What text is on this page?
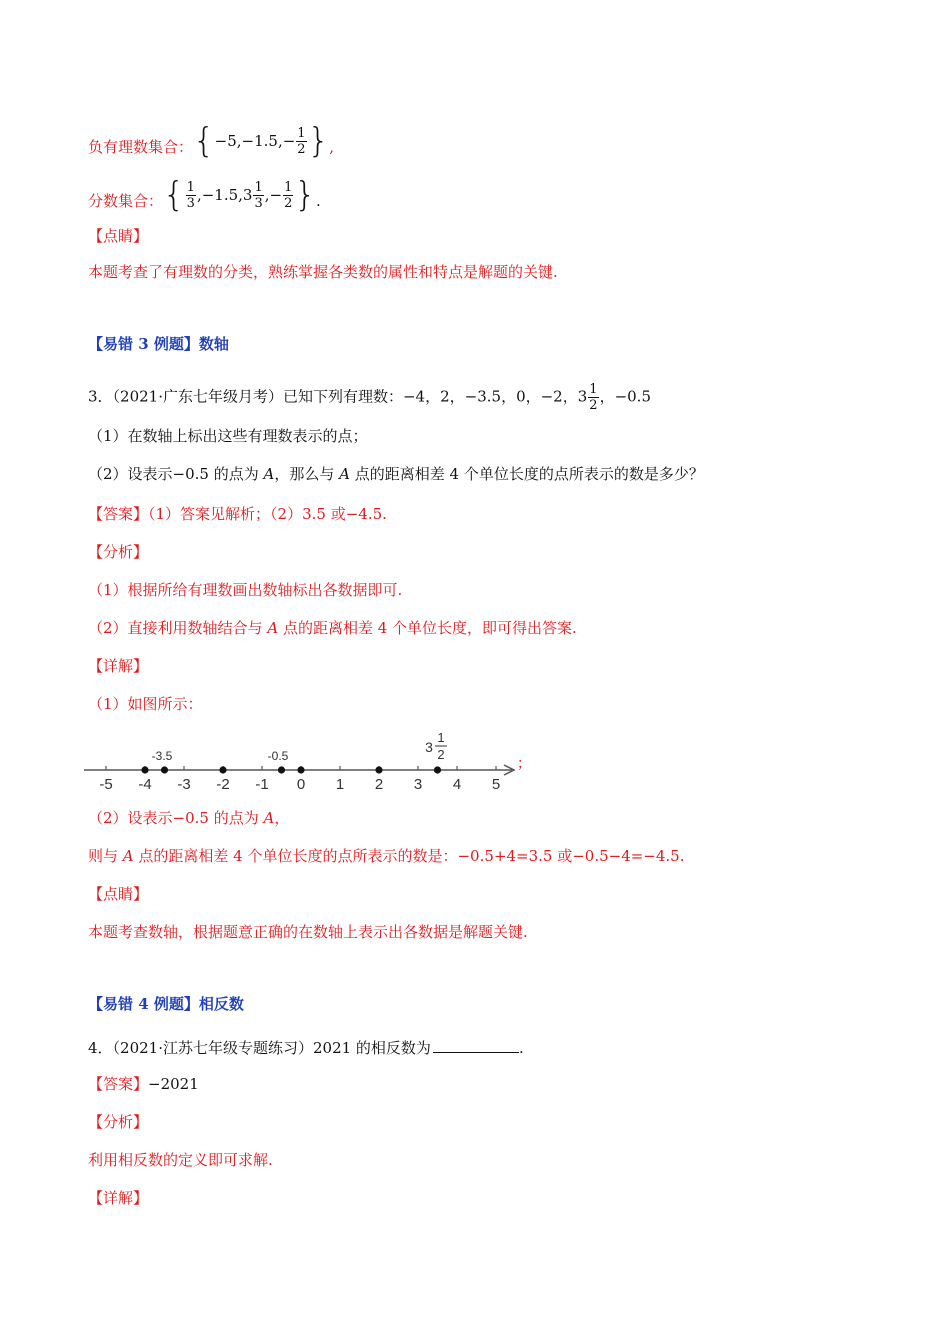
负有理数集合： { $-5,-1.5,- \frac{1}{2}$ } ,
分数集合： { $\frac{1}{3} ,-1.5,3 \frac{1}{3}$ ,− $\frac{1}{2}$ } .
【点睛】
本题考查了有理数的分类，熟练掌握各类数的属性和特点是解题的关键.
【易错 3 例题】数轴
3．（2021·广东七年级月考）已知下列有理数：−4，2，−3.5，0，−2，$3 \frac{1}{2}$ ，−0.5
（1）在数轴上标出这些有理数表示的点；
（2）设表示−0.5 的点为 A，那么与 A 点的距离相差 4 个单位长度的点所表示的数是多少？
【答案】（1）答案见解析；（2）3.5 或−4.5.
【分析】
（1）根据所给有理数画出数轴标出各数据即可.
（2）直接利用数轴结合与 A 点的距离相差 4 个单位长度，即可得出答案.
【详解】
（1）如图所示：
-5 -4 -3 -2 -1 0 1 2 3 4 5
-3.5	-0.5
3
1
2
；
（2）设表示−0.5 的点为 A，
则与 A 点的距离相差 4 个单位长度的点所表示的数是：−0.5+4=3.5 或−0.5−4=−4.5.
【点睛】
本题考查数轴，根据题意正确的在数轴上表示出各数据是解题关键.
【易错 4 例题】相反数
4．（2021·江苏七年级专题练习）2021 的相反数为	.
【答案】−2021
【分析】
利用相反数的定义即可求解.
【详解】
